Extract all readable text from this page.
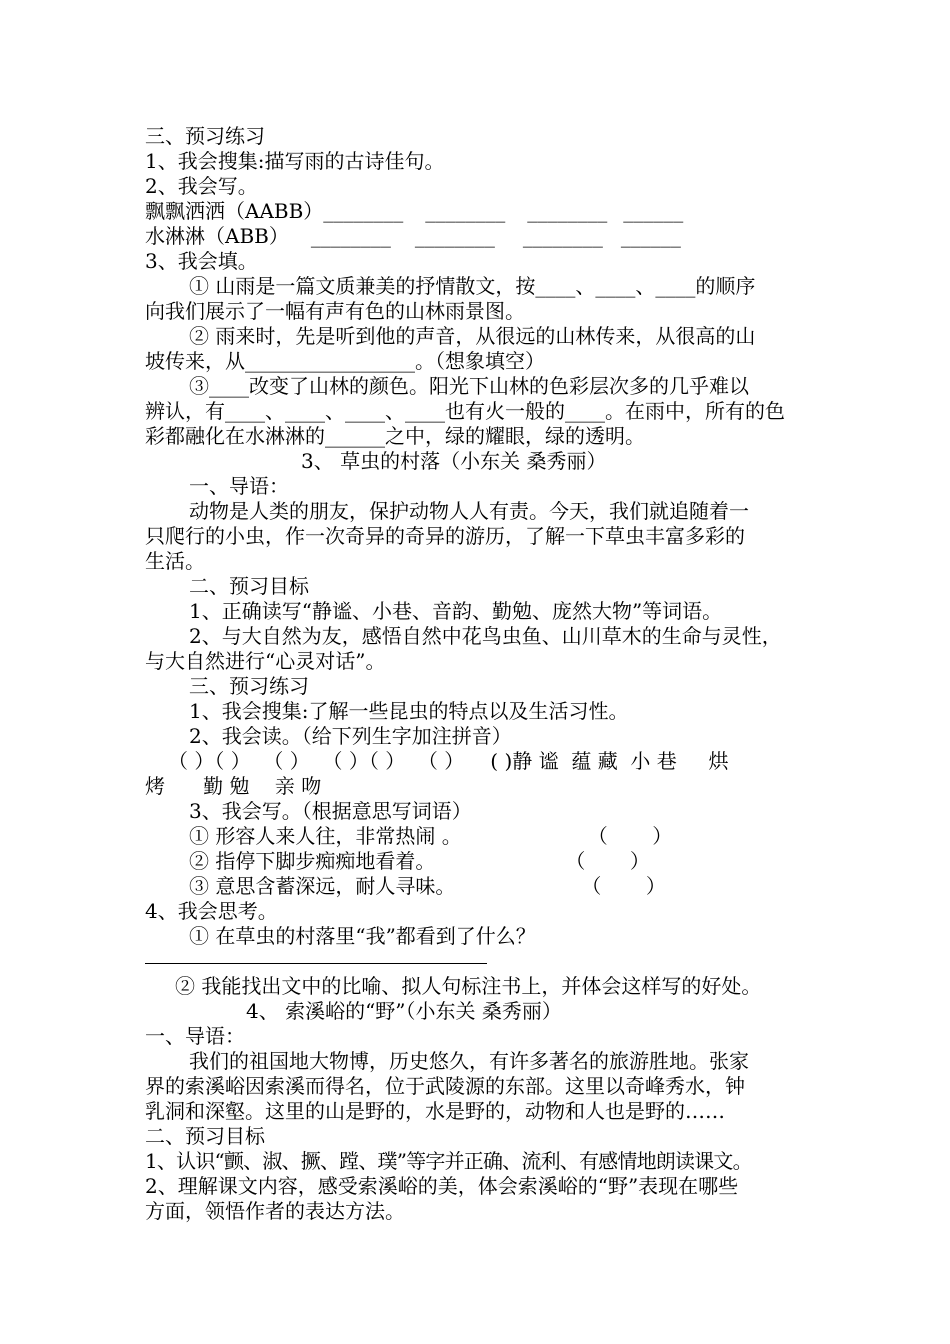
三、预习练习
1、我会搜集:描写雨的古诗佳句。
2、我会写。
飘飘洒洒（AABB）________ ________ ________ ______
水淋淋（ABB） ________ ________ ________ ______
3、我会填。
① 山雨是一篇文质兼美的抒情散文，按____、____、____的顺序
向我们展示了一幅有声有色的山林雨景图。
② 雨来时，先是听到他的声音，从很远的山林传来，从很高的山
坡传来，从_________________。（想象填空）
③____改变了山林的颜色。阳光下山林的色彩层次多的几乎难以
辨认，有____、____、____、____也有火一般的____。在雨中，所有的色
彩都融化在水淋淋的______之中，绿的耀眼，绿的透明。
3、 草虫的村落（小东关 桑秀丽）
一、导语：
动物是人类的朋友，保护动物人人有责。今天，我们就追随着一
只爬行的小虫，作一次奇异的奇异的游历，了解一下草虫丰富多彩的
生活。
二、预习目标
1、正确读写“静谧、小巷、音韵、勤勉、庞然大物”等词语。
2、与大自然为友，感悟自然中花鸟虫鱼、山川草木的生命与灵性，
与大自然进行“心灵对话”。
三、预习练习
1、我会搜集:了解一些昆虫的特点以及生活习性。
2、我会读。（给下列生字加注拼音）
（ ）（ ）  （ ）  （ ）（ ）  （ ） ( )静 谧  蕴 藏  小 巷     烘
烤      勤 勉    亲 吻
3、我会写。（根据意思写词语）
① 形容人来人往，非常热闹 。	（       ）
② 指停下脚步痴痴地看着。	（       ）
③ 意思含蓄深远，耐人寻味。	（       ）
4、我会思考。
① 在草虫的村落里“我”都看到了什么？
② 我能找出文中的比喻、拟人句标注书上，并体会这样写的好处。
4、 索溪峪的“野”（小东关 桑秀丽）
一、导语：
我们的祖国地大物博，历史悠久，有许多著名的旅游胜地。张家
界的索溪峪因索溪而得名，位于武陵源的东部。这里以奇峰秀水，钟
乳洞和深壑。这里的山是野的，水是野的，动物和人也是野的……
二、预习目标
1、认识“颤、淑、撅、蹚、璞”等字并正确、流利、有感情地朗读课文。
2、理解课文内容，感受索溪峪的美，体会索溪峪的“野”表现在哪些
方面，领悟作者的表达方法。
